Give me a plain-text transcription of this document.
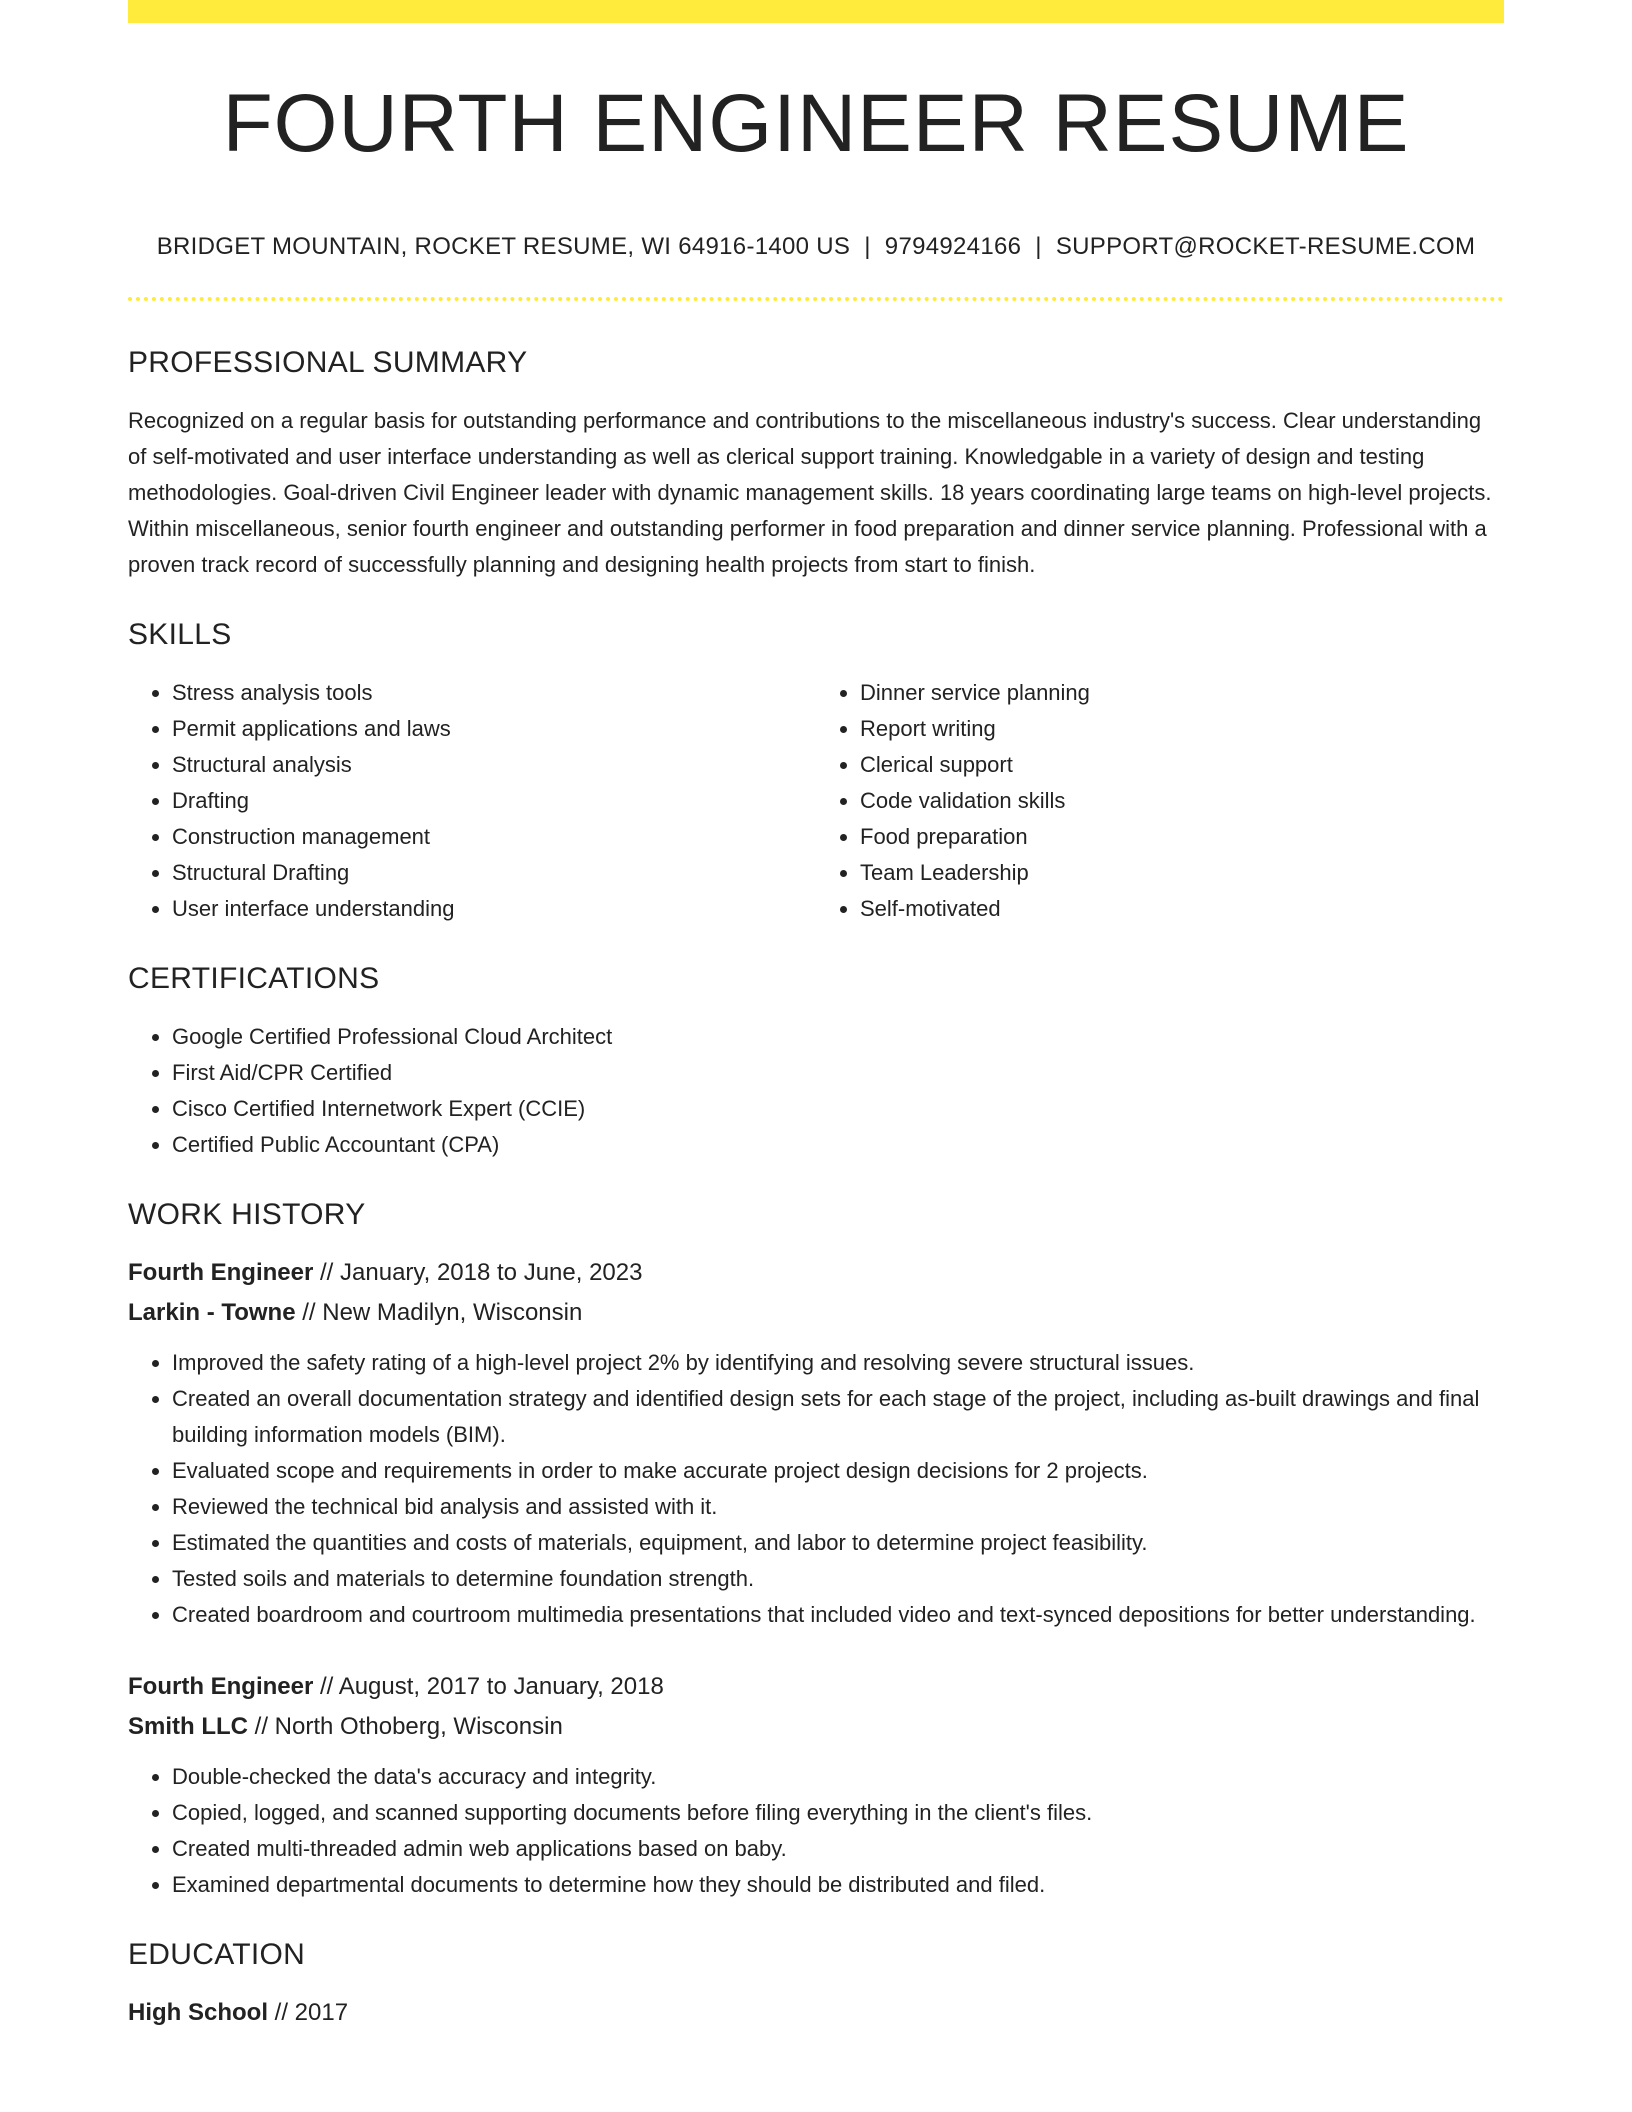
FOURTH ENGINEER RESUME
BRIDGET MOUNTAIN, ROCKET RESUME, WI 64916-1400 US | 9794924166 | SUPPORT@ROCKET-RESUME.COM
PROFESSIONAL SUMMARY
Recognized on a regular basis for outstanding performance and contributions to the miscellaneous industry's success. Clear understanding of self-motivated and user interface understanding as well as clerical support training. Knowledgable in a variety of design and testing methodologies. Goal-driven Civil Engineer leader with dynamic management skills. 18 years coordinating large teams on high-level projects. Within miscellaneous, senior fourth engineer and outstanding performer in food preparation and dinner service planning. Professional with a proven track record of successfully planning and designing health projects from start to finish.
SKILLS
• Stress analysis tools
• Permit applications and laws
• Structural analysis
• Drafting
• Construction management
• Structural Drafting
• User interface understanding
• Dinner service planning
• Report writing
• Clerical support
• Code validation skills
• Food preparation
• Team Leadership
• Self-motivated
CERTIFICATIONS
• Google Certified Professional Cloud Architect
• First Aid/CPR Certified
• Cisco Certified Internetwork Expert (CCIE)
• Certified Public Accountant (CPA)
WORK HISTORY
Fourth Engineer // January, 2018 to June, 2023
Larkin - Towne // New Madilyn, Wisconsin
• Improved the safety rating of a high-level project 2% by identifying and resolving severe structural issues.
• Created an overall documentation strategy and identified design sets for each stage of the project, including as-built drawings and final building information models (BIM).
• Evaluated scope and requirements in order to make accurate project design decisions for 2 projects.
• Reviewed the technical bid analysis and assisted with it.
• Estimated the quantities and costs of materials, equipment, and labor to determine project feasibility.
• Tested soils and materials to determine foundation strength.
• Created boardroom and courtroom multimedia presentations that included video and text-synced depositions for better understanding.
Fourth Engineer // August, 2017 to January, 2018
Smith LLC // North Othoberg, Wisconsin
• Double-checked the data's accuracy and integrity.
• Copied, logged, and scanned supporting documents before filing everything in the client's files.
• Created multi-threaded admin web applications based on baby.
• Examined departmental documents to determine how they should be distributed and filed.
EDUCATION
High School // 2017
